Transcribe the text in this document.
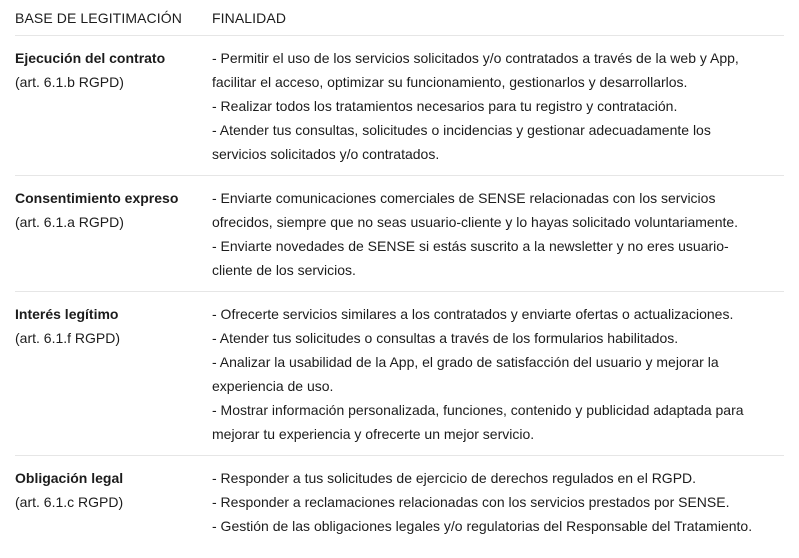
BASE DE LEGITIMACIÓN	FINALIDAD
Ejecución del contrato
(art. 6.1.b RGPD)

- Permitir el uso de los servicios solicitados y/o contratados a través de la web y App,

facilitar el acceso, optimizar su funcionamiento, gestionarlos y desarrollarlos.

- Realizar todos los tratamientos necesarios para tu registro y contratación.

- Atender tus consultas, solicitudes o incidencias y gestionar adecuadamente los

servicios solicitados y/o contratados.

Consentimiento expreso
(art. 6.1.a RGPD)

- Enviarte comunicaciones comerciales de SENSE relacionadas con los servicios

ofrecidos, siempre que no seas usuario-cliente y lo hayas solicitado voluntariamente.

- Enviarte novedades de SENSE si estás suscrito a la newsletter y no eres usuario-

cliente de los servicios.

Interés legítimo
(art. 6.1.f RGPD)

- Ofrecerte servicios similares a los contratados y enviarte ofertas o actualizaciones.

- Atender tus solicitudes o consultas a través de los formularios habilitados.

- Analizar la usabilidad de la App, el grado de satisfacción del usuario y mejorar la

experiencia de uso.

- Mostrar información personalizada, funciones, contenido y publicidad adaptada para

mejorar tu experiencia y ofrecerte un mejor servicio.

Obligación legal
(art. 6.1.c RGPD)

- Responder a tus solicitudes de ejercicio de derechos regulados en el RGPD.

- Responder a reclamaciones relacionadas con los servicios prestados por SENSE.

- Gestión de las obligaciones legales y/o regulatorias del Responsable del Tratamiento.
